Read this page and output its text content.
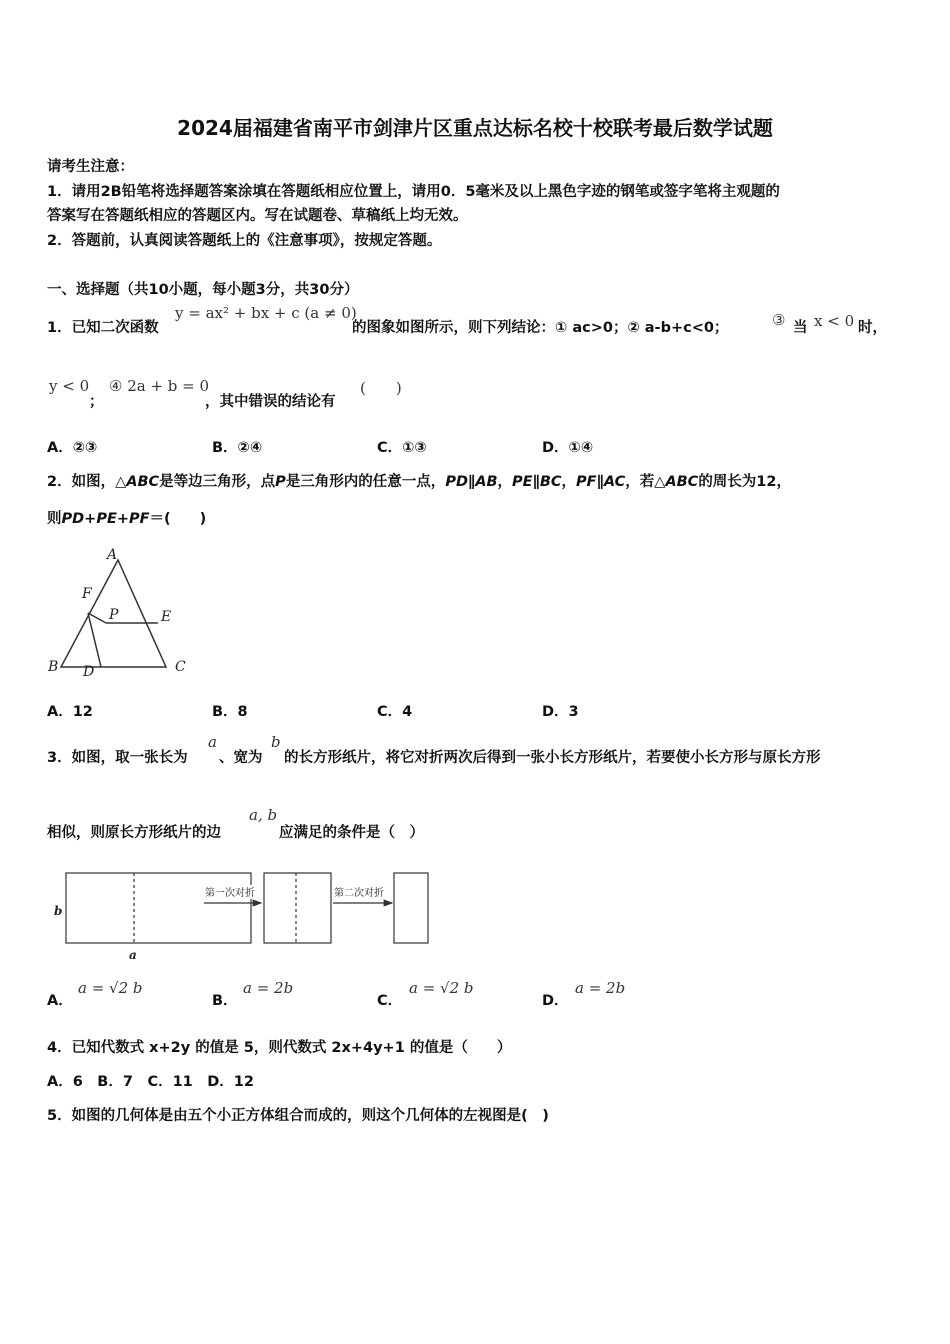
2024届福建省南平市剑津片区重点达标名校十校联考最后数学试题
请考生注意：
1．请用2B铅笔将选择题答案涂填在答题纸相应位置上，请用0．5毫米及以上黑色字迹的钢笔或签字笔将主观题的
答案写在答题纸相应的答题区内。写在试题卷、草稿纸上均无效。
2．答题前，认真阅读答题纸上的《注意事项》，按规定答题。
一、选择题（共10小题，每小题3分，共30分）
1．已知二次函数
y = ax² + bx + c (a ≠ 0)
的图象如图所示，则下列结论：① ac>0；② a-b+c<0；	③ 当 x < 0 时，
y < 0
；
④ 2a + b = 0
，其中错误的结论有
(　　)
A．②③	B．②④	C．①③	D．①④
2．如图，△ABC是等边三角形，点P是三角形内的任意一点，PD∥AB，PE∥BC，PF∥AC，若△ABC的周长为12，
则PD+PE+PF＝(　　)
A
F
P	E
B D	C
A．12	B．8	C．4	D．3
3．如图，取一张长为
a
、宽为
b
的长方形纸片，将它对折两次后得到一张小长方形纸片，若要使小长方形与原长方形
相似，则原长方形纸片的边
a, b
应满足的条件是（　）
b
a
第一次对折	第二次对折
A．
a = √2 b
B．
a = 2b
C．
a = √2 b
D．
a = 2b
4．已知代数式 x+2y 的值是 5，则代数式 2x+4y+1 的值是（　　）
A．6　B．7　C．11　D．12
5．如图的几何体是由五个小正方体组合而成的，则这个几何体的左视图是(　)
